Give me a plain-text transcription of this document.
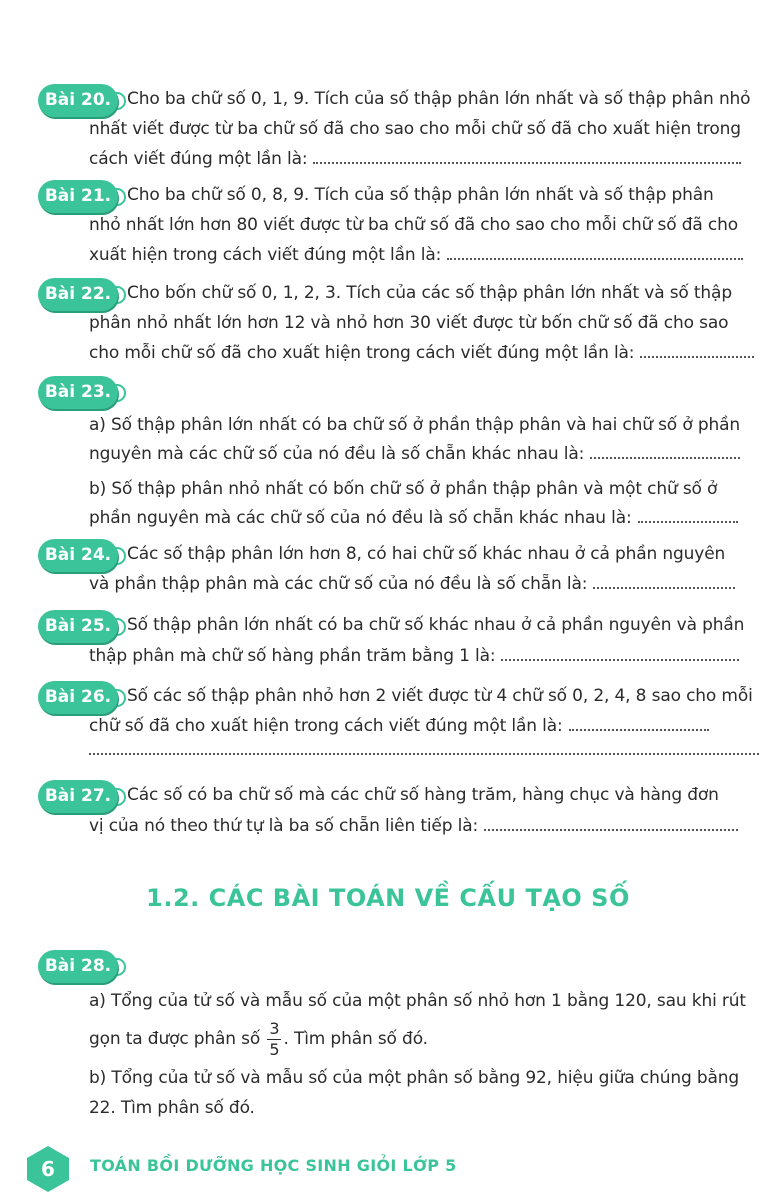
Bài 20. Cho ba chữ số 0, 1, 9. Tích của số thập phân lớn nhất và số thập phân nhỏ
nhất viết được từ ba chữ số đã cho sao cho mỗi chữ số đã cho xuất hiện trong
cách viết đúng một lần là:
Bài 21. Cho ba chữ số 0, 8, 9. Tích của số thập phân lớn nhất và số thập phân
nhỏ nhất lớn hơn 80 viết được từ ba chữ số đã cho sao cho mỗi chữ số đã cho
xuất hiện trong cách viết đúng một lần là:
Bài 22. Cho bốn chữ số 0, 1, 2, 3. Tích của các số thập phân lớn nhất và số thập
phân nhỏ nhất lớn hơn 12 và nhỏ hơn 30 viết được từ bốn chữ số đã cho sao
cho mỗi chữ số đã cho xuất hiện trong cách viết đúng một lần là:
Bài 23.
a) Số thập phân lớn nhất có ba chữ số ở phần thập phân và hai chữ số ở phần
nguyên mà các chữ số của nó đều là số chẵn khác nhau là:
b) Số thập phân nhỏ nhất có bốn chữ số ở phần thập phân và một chữ số ở
phần nguyên mà các chữ số của nó đều là số chẵn khác nhau là:
Bài 24. Các số thập phân lớn hơn 8, có hai chữ số khác nhau ở cả phần nguyên
và phần thập phân mà các chữ số của nó đều là số chẵn là:
Bài 25. Số thập phân lớn nhất có ba chữ số khác nhau ở cả phần nguyên và phần
thập phân mà chữ số hàng phần trăm bằng 1 là:
Bài 26. Số các số thập phân nhỏ hơn 2 viết được từ 4 chữ số 0, 2, 4, 8 sao cho mỗi
chữ số đã cho xuất hiện trong cách viết đúng một lần là:
Bài 27. Các số có ba chữ số mà các chữ số hàng trăm, hàng chục và hàng đơn
vị của nó theo thứ tự là ba số chẵn liên tiếp là:
1.2. CÁC BÀI TOÁN VỀ CẤU TẠO SỐ
Bài 28.
a) Tổng của tử số và mẫu số của một phân số nhỏ hơn 1 bằng 120, sau khi rút
gọn ta được phân số $\frac{3}{5}$ . Tìm phân số đó.
b) Tổng của tử số và mẫu số của một phân số bằng 92, hiệu giữa chúng bằng
22. Tìm phân số đó.
6	TOÁN BỒI DƯỠNG HỌC SINH GIỎI LỚP 5
